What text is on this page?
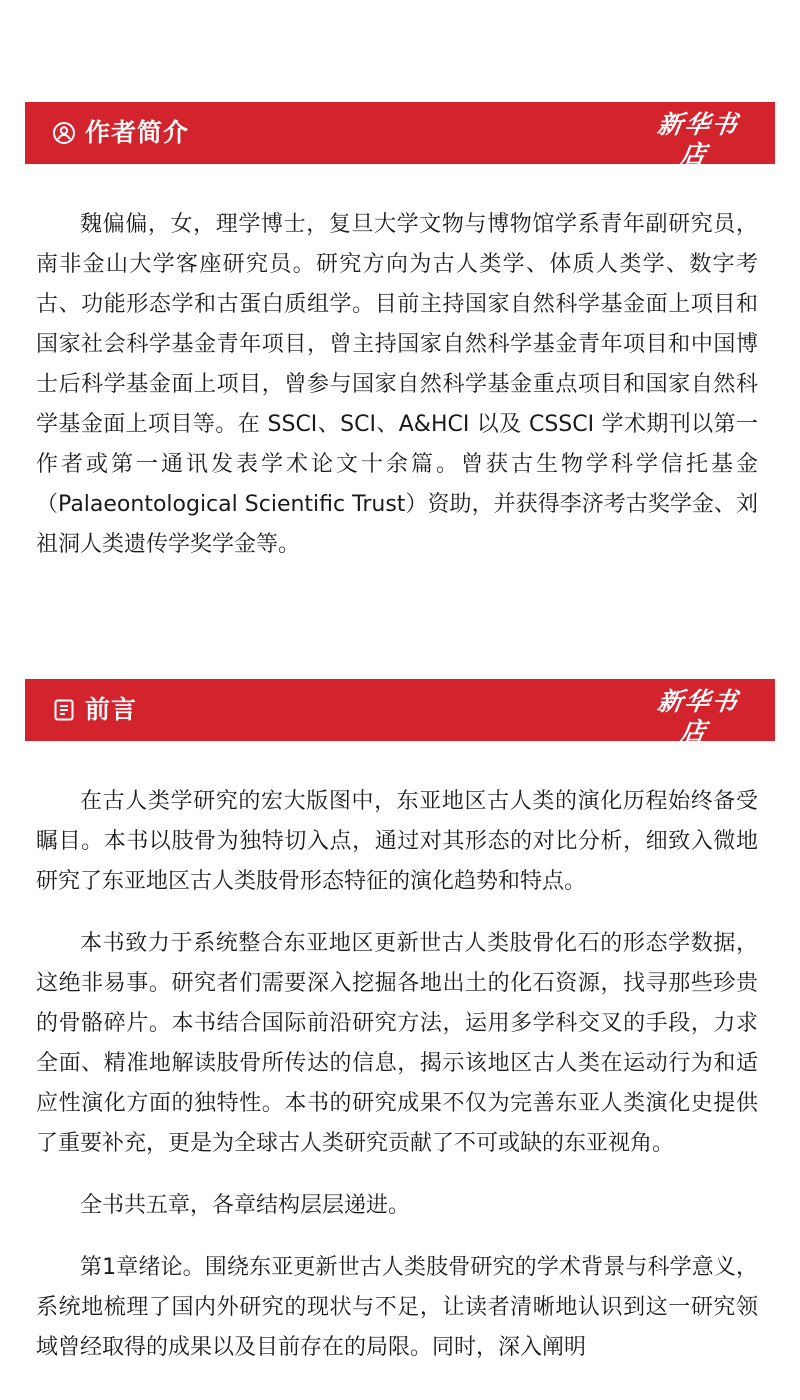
作者简介	新华书店
XINHUA BOOKSTORE

魏偏偏，女，理学博士，复旦大学文物与博物馆学系青年副研究员，南非金山大学客座研究员。研究方向为古人类学、体质人类学、数字考古、功能形态学和古蛋白质组学。目前主持国家自然科学基金面上项目和国家社会科学基金青年项目，曾主持国家自然科学基金青年项目和中国博士后科学基金面上项目，曾参与国家自然科学基金重点项目和国家自然科学基金面上项目等。在 SSCI、SCI、A&HCI 以及 CSSCI 学术期刊以第一作者或第一通讯发表学术论文十余篇。曾获古生物学科学信托基金（Palaeontological Scientific Trust）资助，并获得李济考古奖学金、刘祖洞人类遗传学奖学金等。

前言	新华书店
XINHUA BOOKSTORE

在古人类学研究的宏大版图中，东亚地区古人类的演化历程始终备受瞩目。本书以肢骨为独特切入点，通过对其形态的对比分析，细致入微地研究了东亚地区古人类肢骨形态特征的演化趋势和特点。

本书致力于系统整合东亚地区更新世古人类肢骨化石的形态学数据，这绝非易事。研究者们需要深入挖掘各地出土的化石资源，找寻那些珍贵的骨骼碎片。本书结合国际前沿研究方法，运用多学科交叉的手段，力求全面、精准地解读肢骨所传达的信息，揭示该地区古人类在运动行为和适应性演化方面的独特性。本书的研究成果不仅为完善东亚人类演化史提供了重要补充，更是为全球古人类研究贡献了不可或缺的东亚视角。

全书共五章，各章结构层层递进。

第1章绪论。围绕东亚更新世古人类肢骨研究的学术背景与科学意义，系统地梳理了国内外研究的现状与不足，让读者清晰地认识到这一研究领域曾经取得的成果以及目前存在的局限。同时，深入阐明
